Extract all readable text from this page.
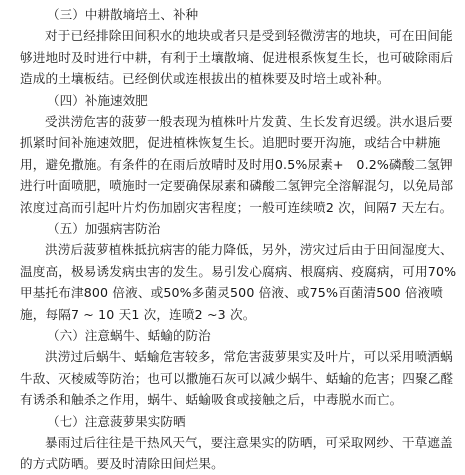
（三）中耕散墒培土、补种

对于已经排除田间积水的地块或者只是受到轻微涝害的地块，可在田间能够进地时及时进行中耕，有利于土壤散墒、促进根系恢复生长，也可破除雨后造成的土壤板结。已经倒伏或连根拔出的植株要及时培土或补种。

（四）补施速效肥

受洪涝危害的菠萝一般表现为植株叶片发黄、生长发育迟缓。洪水退后要抓紧时间补施速效肥，促进植株恢复生长。追肥时要开沟施，或结合中耕施用，避免撒施。有条件的在雨后放晴时及时用0.5%尿素+　0.2%磷酸二氢钾进行叶面喷肥，喷施时一定要确保尿素和磷酸二氢钾完全溶解混匀，以免局部浓度过高而引起叶片灼伤加剧灾害程度；一般可连续喷2 次，间隔7 天左右。

（五）加强病害防治

洪涝后菠萝植株抵抗病害的能力降低，另外，涝灾过后由于田间湿度大、温度高，极易诱发病虫害的发生。易引发心腐病、根腐病、疫腐病，可用70%甲基托布津800 倍液、或50%多菌灵500 倍液、或75%百菌清500 倍液喷施，每隔7 ~ 10 天1 次，连喷2 ~3 次。

（六）注意蜗牛、蛞蝓的防治

洪涝过后蜗牛、蛞蝓危害较多，常危害菠萝果实及叶片，可以采用喷洒蜗牛敌、灭棱威等防治；也可以撒施石灰可以减少蜗牛、蛞蝓的危害；四聚乙醛有诱杀和触杀之作用，蜗牛、蛞蝓吸食或接触之后，中毒脱水而亡。

（七）注意菠萝果实防晒

暴雨过后往往是干热风天气，要注意果实的防晒，可采取网纱、干草遮盖的方式防晒。要及时清除田间烂果。
